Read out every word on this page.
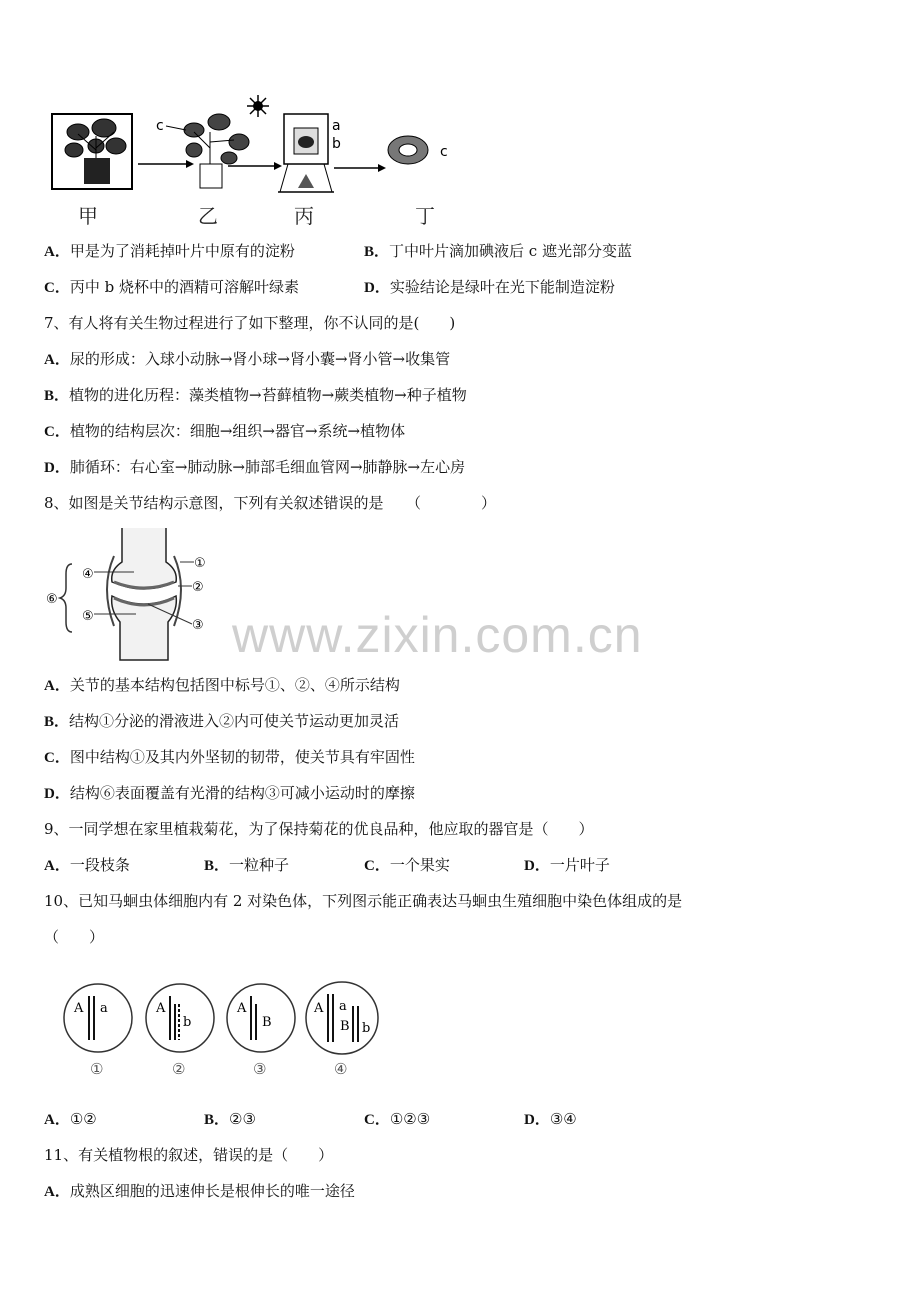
c	a
b	c
甲	乙	丙	丁
A．甲是为了消耗掉叶片中原有的淀粉	B．丁中叶片滴加碘液后 c 遮光部分变蓝
C．丙中 b 烧杯中的酒精可溶解叶绿素	D．实验结论是绿叶在光下能制造淀粉
7、有人将有关生物过程进行了如下整理，你不认同的是(　　)
A．尿的形成：入球小动脉→肾小球→肾小囊→肾小管→收集管
B．植物的进化历程：藻类植物→苔藓植物→蕨类植物→种子植物
C．植物的结构层次：细胞→组织→器官→系统→植物体
D．肺循环：右心室→肺动脉→肺部毛细血管网→肺静脉→左心房
8、如图是关节结构示意图，下列有关叙述错误的是　　（　　　　）
④
⑤
①
②
③
⑥
www.zixin.com.cn
A．关节的基本结构包括图中标号①、②、④所示结构
B．结构①分泌的滑液进入②内可使关节运动更加灵活
C．图中结构①及其内外坚韧的韧带，使关节具有牢固性
D．结构⑥表面覆盖有光滑的结构③可减小运动时的摩擦
9、一同学想在家里植栽菊花，为了保持菊花的优良品种，他应取的器官是（　　）
A．一段枝条	B．一粒种子	C．一个果实	D．一片叶子
10、已知马蛔虫体细胞内有 2 对染色体，下列图示能正确表达马蛔虫生殖细胞中染色体组成的是
（　　）
A a	A
b
A
B
A a
B b
①	②	③	④
A．①②	B．②③	C．①②③	D．③④
11、有关植物根的叙述，错误的是（　　）
A．成熟区细胞的迅速伸长是根伸长的唯一途径
